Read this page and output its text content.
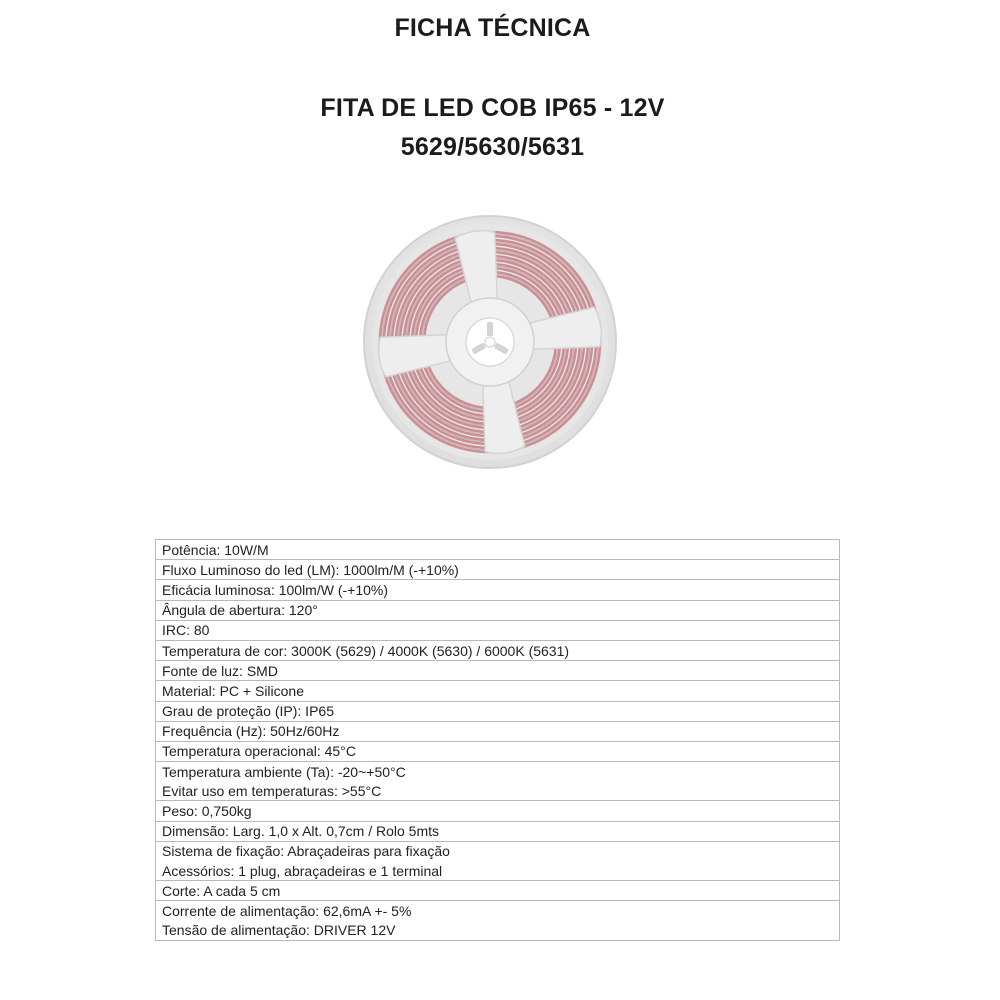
FICHA TÉCNICA
FITA DE LED COB IP65 - 12V
5629/5630/5631
Potência: 10W/M
Fluxo Luminoso do led (LM): 1000lm/M (-+10%)
Eficácia luminosa: 100lm/W (-+10%)
Ângula de abertura: 120°
IRC: 80
Temperatura de cor: 3000K (5629) / 4000K (5630) / 6000K (5631)
Fonte de luz: SMD
Material: PC + Silicone
Grau de proteção (IP): IP65
Frequência (Hz): 50Hz/60Hz
Temperatura operacional: 45°C
Temperatura ambiente (Ta): -20~+50°C
Evitar uso em temperaturas: >55°C
Peso: 0,750kg
Dimensão: Larg. 1,0 x Alt. 0,7cm / Rolo 5mts
Sistema de fixação: Abraçadeiras para fixação
Acessórios: 1 plug, abraçadeiras e 1 terminal
Corte: A cada 5 cm
Corrente de alimentação: 62,6mA +- 5%
Tensão de alimentação: DRIVER 12V
